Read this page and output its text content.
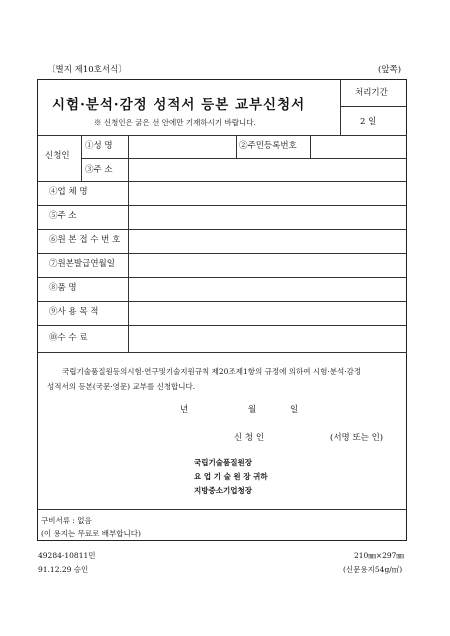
〔별지 제10호서식〕	(앞쪽)
시험·분석·감정 성적서 등본 교부신청서
※ 신청인은 굵은 선 안에만 기재하시기 바랍니다.
처리기간
2 일
신청인
①성 명	②주민등록번호
③주 소
④업 체 명
⑤주 소
⑥원 본 접 수 번 호
⑦원본발급연월일
⑧품 명
⑨사 용 목 적
⑩수 수 료
국립기술품질원등의시험·연구및기술지원규칙 제20조제1항의 규정에 의하여 시험·분석·감정
성적서의 등본(국문·영문) 교부를 신청합니다.
년	월	일
신 청 인	(서명 또는 인)
국립기술품질원장
요 업 기 술 원 장 귀하
지방중소기업청장
구비서류 : 없음
(이 용지는 무료로 배부합니다)
49284-10811민
91.12.29 승인
210㎜×297㎜
(신문용지54g/㎡)
